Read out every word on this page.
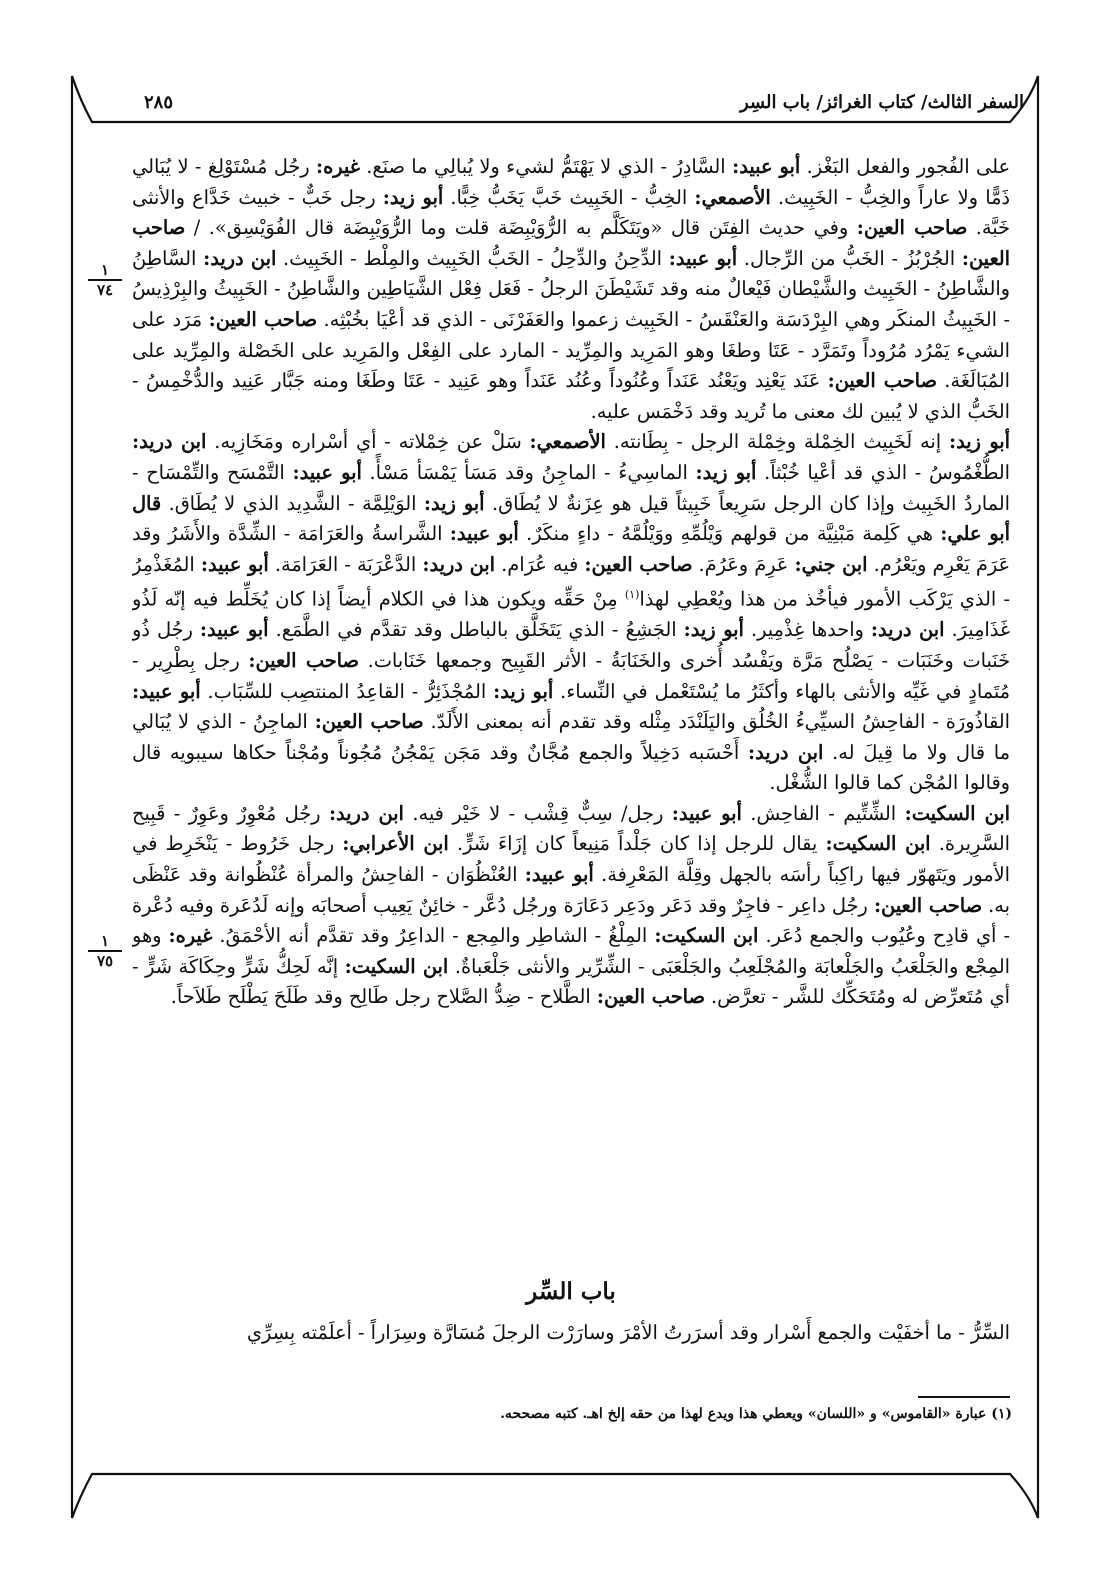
السفر الثالث/ كتاب الغرائز/ باب السِر
٢٨٥
١
٧٤
١
٧٥

على الفُجور والفعل البَغْز. أبو عبيد: السَّادِرُ - الذي لا يَهْتَمُّ لشيء ولا يُبالِي ما صنَع. غيره: رجُل مُسْتَوْلِغ - لا يُبَالي ذَمًّا ولا عاراً والخِبُّ - الخَبِيث. الأصمعي: الخِبُّ - الخَبِيث خَبَّ يَخَبُّ خِبًّا. أبو زيد: رجل خَبٌّ - خبيث خَدَّاع والأنثى خَبَّة. صاحب العين: وفي حديث الفِتَن قال «ويَتَكَلَّم به الرُّوَيْبِضَة قلت وما الرُّوَيْبِضَة قال الفُوَيْسِق». / صاحب العين: الجُرْبُزُ - الخَبُّ من الرِّجال. أبو عبيد: الدِّحِنُ والدِّحِلُ - الخَبُّ الخَبِيث والمِلْط - الخَبِيث. ابن دريد: السَّاطِنُ والشَّاطِنُ - الخَبِيث والشَّيْطان فَيْعالٌ منه وقد تَشَيْطَنَ الرجلُ - فَعَل فِعْل الشَّيَاطِين والشَّاطِنُ - الخَبِيثُ والبِرْذِيسُ - الخَبِيثُ المنكَر وهي البِرْدَسَة والعَنْقَسُ - الخَبِيث زعموا والعَفَرْنَى - الذي قد أعْيَا بخُبْثِه. صاحب العين: مَرَد على الشيء يَمْرُد مُرُوداً وتَمَرَّد - عَتَا وطغَا وهو المَرِيد والمِرِّيد - المارد على الفِعْل والمَرِيد على الخَصْلة والمِرِّيد على المُبَالَغَة. صاحب العين: عَنَد يَعْنِد ويَعْنُد عَنَداً وعُنُوداً وعُنُد عَنَداً وهو عَنِيد - عَتَا وطَغَا ومنه جَبَّار عَنِيد والدُّخْمِسُ - الخَبُّ الذي لا يُبين لك معنى ما تُريد وقد دَخْمَس عليه.

أبو زيد: إنه لَخَبِيث الخِمْلة وخِمْلة الرجل - بِطَانته. الأصمعي: سَلْ عن خِمْلاته - أي أسْراره ومَخَازِيه. ابن دريد: الطُّغْمُوسُ - الذي قد أعْيا خُبْثاً. أبو زيد: الماسِيءُ - الماجِنُ وقد مَسَأ يَمْسَأ مَسْأً. أبو عبيد: التَّمْسَح والتِّمْسَاح - الماردُ الخَبِيث وإذا كان الرجل سَرِيعاً خَبِيثاً قيل هو عِزَنةٌ لا يُطَاق. أبو زيد: الوَيْلِمَّة - الشَّدِيد الذي لا يُطَاق. قال أبو علي: هي كَلِمة مَبْنِيَّة من قولهم وَيْلُمِّهِ ووَيْلُمَّهُ - داءٍ منكَرٌ. أبو عبيد: الشَّراسةُ والعَرَامَة - الشِّدَّة والأَشَرُ وقد عَرَمَ يَعْرِم ويَعْرُم. ابن جني: عَرِمَ وعَرُمَ. صاحب العين: فيه عُرَام. ابن دريد: الدَّعْرَبَة - العَرَامَة. أبو عبيد: المُغَذْمِرُ - الذي يَرْكَب الأمور فيأخُذ من هذا ويُعْطِي لهذا$^{(١)}$ مِنْ حَقِّه ويكون هذا في الكلام أيضاً إذا كان يُخَلِّط فيه إنّه لَذُو غَذَامِيرَ. ابن دريد: واحدها غِذْمِير. أبو زيد: الجَشِعُ - الذي يَتَخَلَّق بالباطل وقد تقدَّم في الطَّمَع. أبو عبيد: رجُل ذُو خَنَبات وخَنَبَات - يَصْلُح مَرَّة ويَفْسُد أُخرى والخَنَابَةُ - الأثر القَبِيح وجمعها خَنَابات. صاحب العين: رجل بِطْرِير - مُتَمادٍ في غَيِّه والأنثى بالهاء وأكثَرُ ما يُسْتَعْمل في النِّساء. أبو زيد: المُجْذَئِرُّ - القاعِدُ المنتصِب للسِّبَاب. أبو عبيد: القاذُورَة - الفاحِشُ السيِّيءُ الخُلُق واليَلَنْدَد مِثْله وقد تقدم أنه بمعنى الأَلَدّ. صاحب العين: الماجِنُ - الذي لا يُبَالي ما قال ولا ما قِيلَ له. ابن دريد: أَحْسَبه دَخِيلاً والجمع مُجَّانٌ وقد مَجَن يَمْجُنُ مُجُوناً ومُجْناً حكاها سيبويه قال وقالوا المُجْن كما قالوا الشُّغْل.

ابن السكيت: الشِّتِّيم - الفاحِش. أبو عبيد: رجل/ سِبٌّ قِشْب - لا خَيْر فيه. ابن دريد: رجُل مُعْوِرٌ وعَوِرٌ - قَبِيح السَّرِيرة. ابن السكيت: يقال للرجل إذا كان جَلْداً مَنِيعاً كان إزَاءَ شَرٍّ. ابن الأعرابي: رجل خَرُوط - يَنْخَرِط في الأمور ويَتَهوّر فيها راكِباً رأسَه بالجهل وقِلَّة المَعْرِفة. أبو عبيد: العُنْظُوَان - الفاحِشُ والمرأة عُنْظُوانة وقد عَنْظَى به. صاحب العين: رجُل داعِر - فاجِرٌ وقد دَعَر ودَعِر دَعَارَة ورجُل دُعَّر - خائِنٌ يَعِيب أصحابَه وإنه لَدُعَرة وفيه دُعْرة - أي قادِح وعُيُوب والجمع دُعَر. ابن السكيت: المِلْغُ - الشاطِر والمِجع - الداعِرُ وقد تقدَّم أنه الأحْمَقُ. غيره: وهو المِجْع والجَلْعَبُ والجَلْعابَة والمُجْلَعِبُ والجَلْعَبَى - الشِّرِّير والأنثى جَلْعَباةٌ. ابن السكيت: إنَّه لَحِكُّ شَرٍّ وحِكَاكَة شَرٍّ - أي مُتَعرِّض له ومُتَحَكِّك للشَّر - تعرَّض. صاحب العين: الطَّلاح - ضِدُّ الصَّلاح رجل طَالِح وقد طَلَحَ يَطْلَح طَلاَحاً.

باب السِّر
السِّرُّ - ما أخفَيْت والجمع أَسْرار وقد أسرَرتُ الأمْرَ وسارَرْت الرجلَ مُسَارَّة وسِرَاراً - أعلَمْته بِسِرِّي
(١) عبارة «القاموس» و «اللسان» ويعطي هذا ويدع لهذا من حقه إلخ اهـ. كتبه مصححه.
